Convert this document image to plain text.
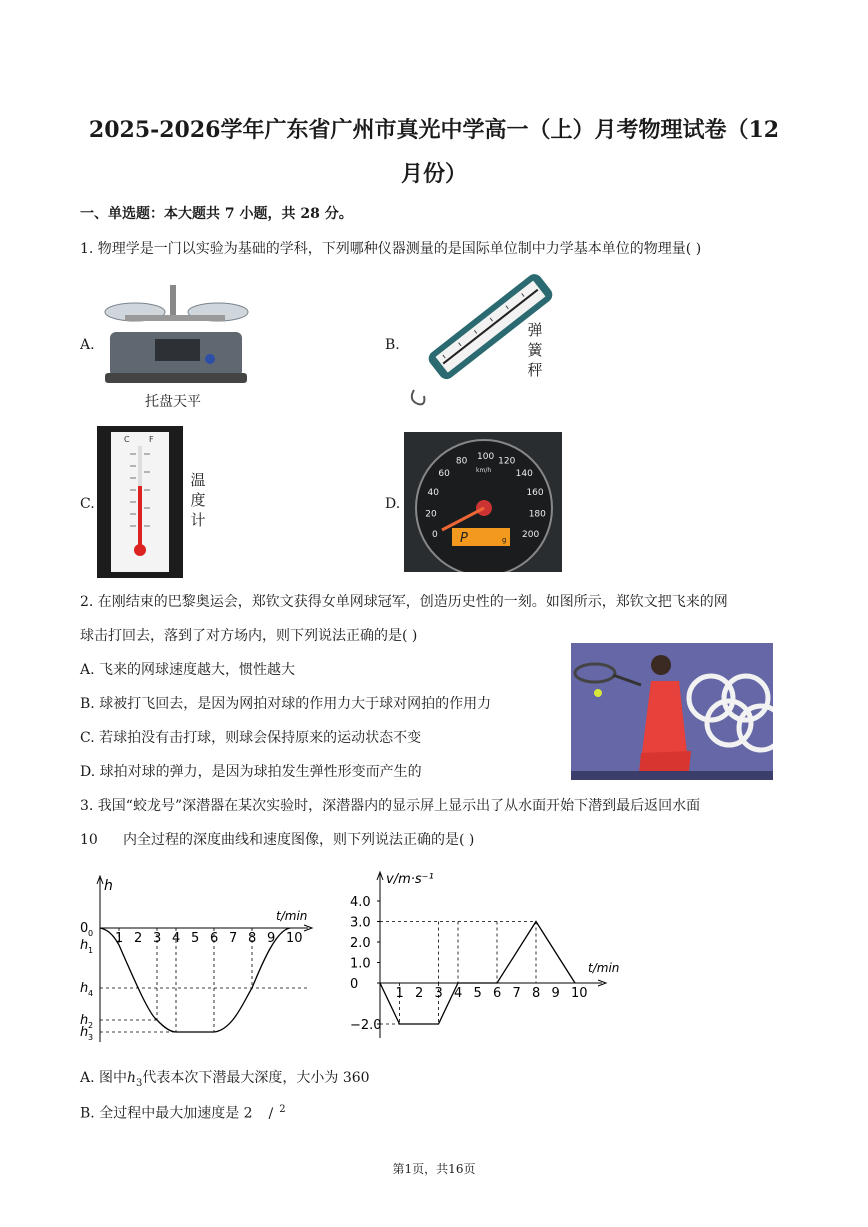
2025-2026学年广东省广州市真光中学高一（上）月考物理试卷（12
月份）
一、单选题：本大题共 7 小题，共 28 分。
1. 物理学是一门以实验为基础的学科，下列哪种仪器测量的是国际单位制中力学基本单位的物理量( )
A.	B.
C.	D.
托盘天平
弹
簧
秤
C F
温
度
计
km/h
P	g
0
20
40
60
80 100 120
140
160
180
200
2. 在刚结束的巴黎奥运会，郑钦文获得女单网球冠军，创造历史性的一刻。如图所示，郑钦文把飞来的网
球击打回去，落到了对方场内，则下列说法正确的是( )
A. 飞来的网球速度越大，惯性越大
B. 球被打飞回去，是因为网拍对球的作用力大于球对网拍的作用力
C. 若球拍没有击打球，则球会保持原来的运动状态不变
D. 球拍对球的弹力，是因为球拍发生弹性形变而产生的
3. 我国“蛟龙号”深潜器在某次实验时，深潜器内的显示屏上显示出了从水面开始下潜到最后返回水面
10 内全过程的深度曲线和速度图像，则下列说法正确的是( )
h
t/min
1 2 3 4 5 6 7 8 9 10
0 0
h 1
h 4
h 2
h 3
v/m·s⁻¹
t/min
1 2 3 4 5 6 7 8 9 10
4.0
3.0
2.0
1.0
0
−2.0
A. 图中$h_3$代表本次下潜最大深度，大小为 360
B. 全过程中最大加速度是 2 / $^2$
第1页，共16页
